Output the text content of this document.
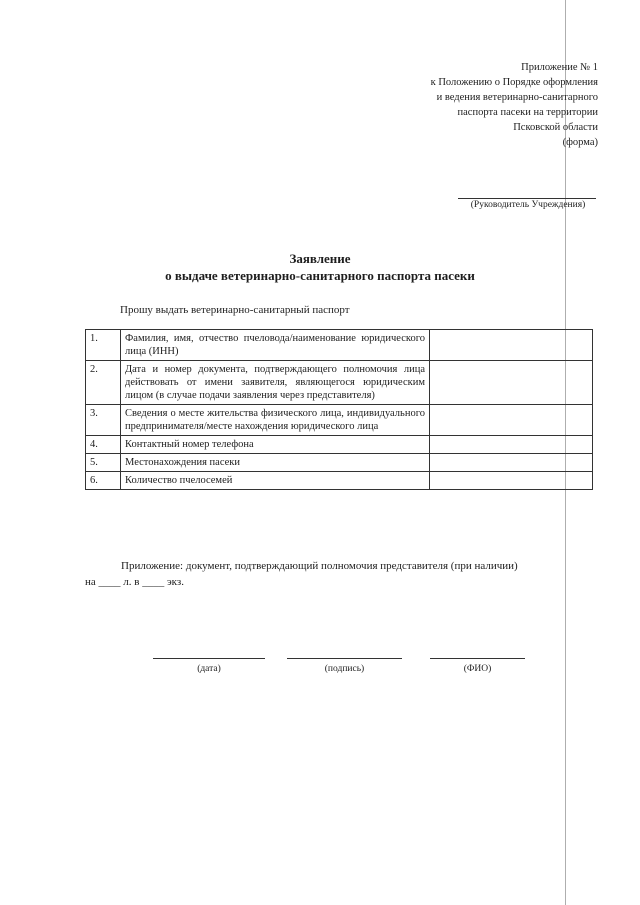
Приложение № 1
к Положению о Порядке оформления
и ведения ветеринарно-санитарного
паспорта пасеки на территории
Псковской области
(форма)
(Руководитель Учреждения)
Заявление
о выдаче ветеринарно-санитарного паспорта пасеки
Прошу выдать ветеринарно-санитарный паспорт
1.	Фамилия, имя, отчество пчеловода/наименование юридического лица (ИНН)	
2.	Дата и номер документа, подтверждающего полномочия лица действовать от имени заявителя, являющегося юридическим лицом (в случае подачи заявления через представителя)	
3.	Сведения о месте жительства физического лица, индивидуального предпринимателя/месте нахождения юридического лица	
4.	Контактный номер телефона	
5.	Местонахождения пасеки	
6.	Количество пчелосемей	
Приложение: документ, подтверждающий полномочия представителя (при наличии)
на ____ л. в ____ экз.
(дата)	(подпись)	(ФИО)
